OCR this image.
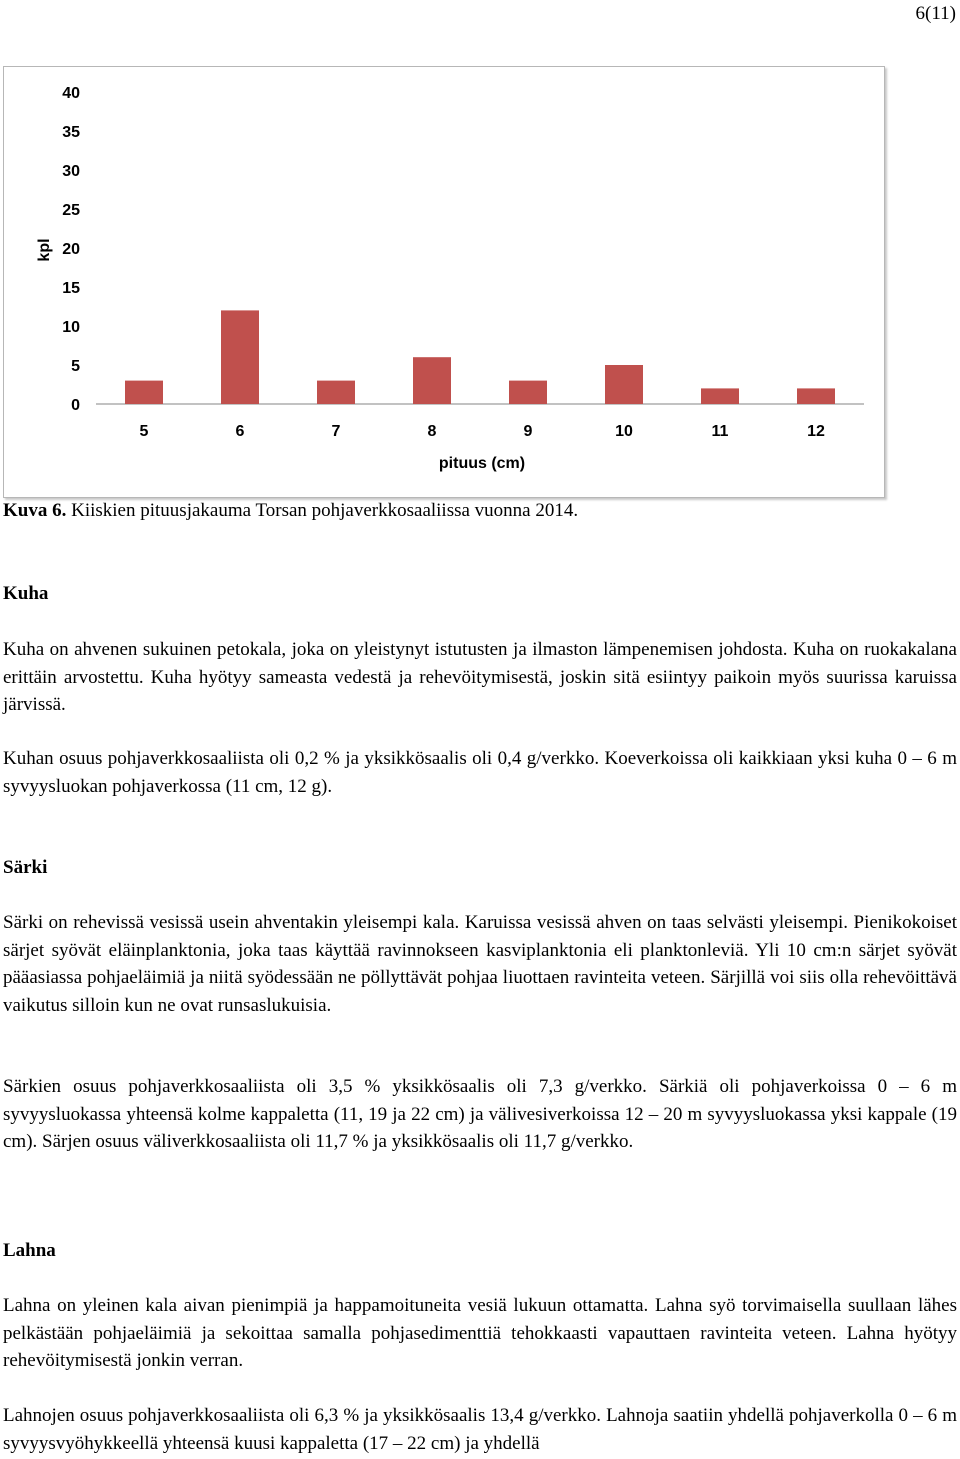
6(11)
0
5
10
15
20
25
30
35
40
5	6	7	8	9	10	11	12
kpl
pituus (cm)
Kuva 6. Kiiskien pituusjakauma Torsan pohjaverkkosaaliissa vuonna 2014.
Kuha

Kuha on ahvenen sukuinen petokala, joka on yleistynyt istutusten ja ilmaston lämpenemisen johdosta. Kuha on ruokakalana erittäin arvostettu. Kuha hyötyy sameasta vedestä ja rehevöitymisestä, joskin sitä esiintyy paikoin myös suurissa karuissa järvissä.

Kuhan osuus pohjaverkkosaaliista oli 0,2 % ja yksikkösaalis oli 0,4 g/verkko. Koeverkoissa oli kaikkiaan yksi kuha 0 – 6 m syvyysluokan pohjaverkossa (11 cm, 12 g).

Särki

Särki on rehevissä vesissä usein ahventakin yleisempi kala. Karuissa vesissä ahven on taas selvästi yleisempi. Pienikokoiset särjet syövät eläinplanktonia, joka taas käyttää ravinnokseen kasviplanktonia eli planktonleviä. Yli 10 cm:n särjet syövät pääasiassa pohjaeläimiä ja niitä syödessään ne pöllyttävät pohjaa liuottaen ravinteita veteen. Särjillä voi siis olla rehevöittävä vaikutus silloin kun ne ovat runsaslukuisia.

Särkien osuus pohjaverkkosaaliista oli 3,5 % yksikkösaalis oli 7,3 g/verkko. Särkiä oli pohjaverkoissa 0 – 6 m syvyysluokassa yhteensä kolme kappaletta (11, 19 ja 22 cm) ja välivesiverkoissa 12 – 20 m syvyysluokassa yksi kappale (19 cm). Särjen osuus väliverkkosaaliista oli 11,7 % ja yksikkösaalis oli 11,7 g/verkko.

Lahna

Lahna on yleinen kala aivan pienimpiä ja happamoituneita vesiä lukuun ottamatta. Lahna syö torvimaisella suullaan lähes pelkästään pohjaeläimiä ja sekoittaa samalla pohjasedimenttiä tehokkaasti vapauttaen ravinteita veteen. Lahna hyötyy rehevöitymisestä jonkin verran.

Lahnojen osuus pohjaverkkosaaliista oli 6,3 % ja yksikkösaalis 13,4 g/verkko. Lahnoja saatiin yhdellä pohjaverkolla 0 – 6 m syvyysvyöhykkeellä yhteensä kuusi kappaletta (17 – 22 cm) ja yhdellä
